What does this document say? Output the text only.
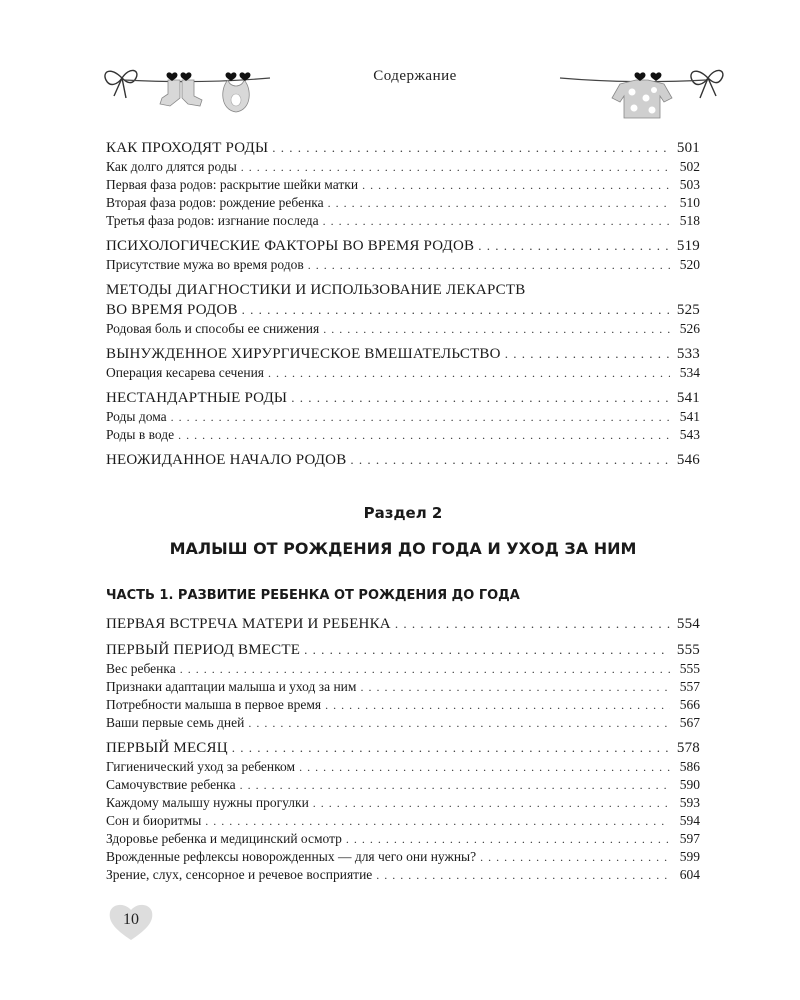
Содержание
КАК ПРОХОДЯТ РОДЫ . . .	501
Как долго длятся роды . . .	502
Первая фаза родов: раскрытие шейки матки . . .	503
Вторая фаза родов: рождение ребенка . . .	510
Третья фаза родов: изгнание последа . . .	518
ПСИХОЛОГИЧЕСКИЕ ФАКТОРЫ ВО ВРЕМЯ РОДОВ . . .	519
Присутствие мужа во время родов . . .	520
МЕТОДЫ ДИАГНОСТИКИ И ИСПОЛЬЗОВАНИЕ ЛЕКАРСТВ
ВО ВРЕМЯ РОДОВ . . .	525
Родовая боль и способы ее снижения . . .	526
ВЫНУЖДЕННОЕ ХИРУРГИЧЕСКОЕ ВМЕШАТЕЛЬСТВО . . .	533
Операция кесарева сечения . . .	534
НЕСТАНДАРТНЫЕ РОДЫ . . .	541
Роды дома . . .	541
Роды в воде . . .	543
НЕОЖИДАННОЕ НАЧАЛО РОДОВ . . .	546
Раздел 2
МАЛЫШ ОТ РОЖДЕНИЯ ДО ГОДА И УХОД ЗА НИМ
ЧАСТЬ 1. РАЗВИТИЕ РЕБЕНКА ОТ РОЖДЕНИЯ ДО ГОДА
ПЕРВАЯ ВСТРЕЧА МАТЕРИ И РЕБЕНКА . . .	554
ПЕРВЫЙ ПЕРИОД ВМЕСТЕ . . .	555
Вес ребенка . . .	555
Признаки адаптации малыша и уход за ним . . .	557
Потребности малыша в первое время . . .	566
Ваши первые семь дней . . .	567
ПЕРВЫЙ МЕСЯЦ . . .	578
Гигиенический уход за ребенком . . .	586
Самочувствие ребенка . . .	590
Каждому малышу нужны прогулки . . .	593
Сон и биоритмы . . .	594
Здоровье ребенка и медицинский осмотр . . .	597
Врожденные рефлексы новорожденных — для чего они нужны? . . .	599
Зрение, слух, сенсорное и речевое восприятие . . .	604
10
